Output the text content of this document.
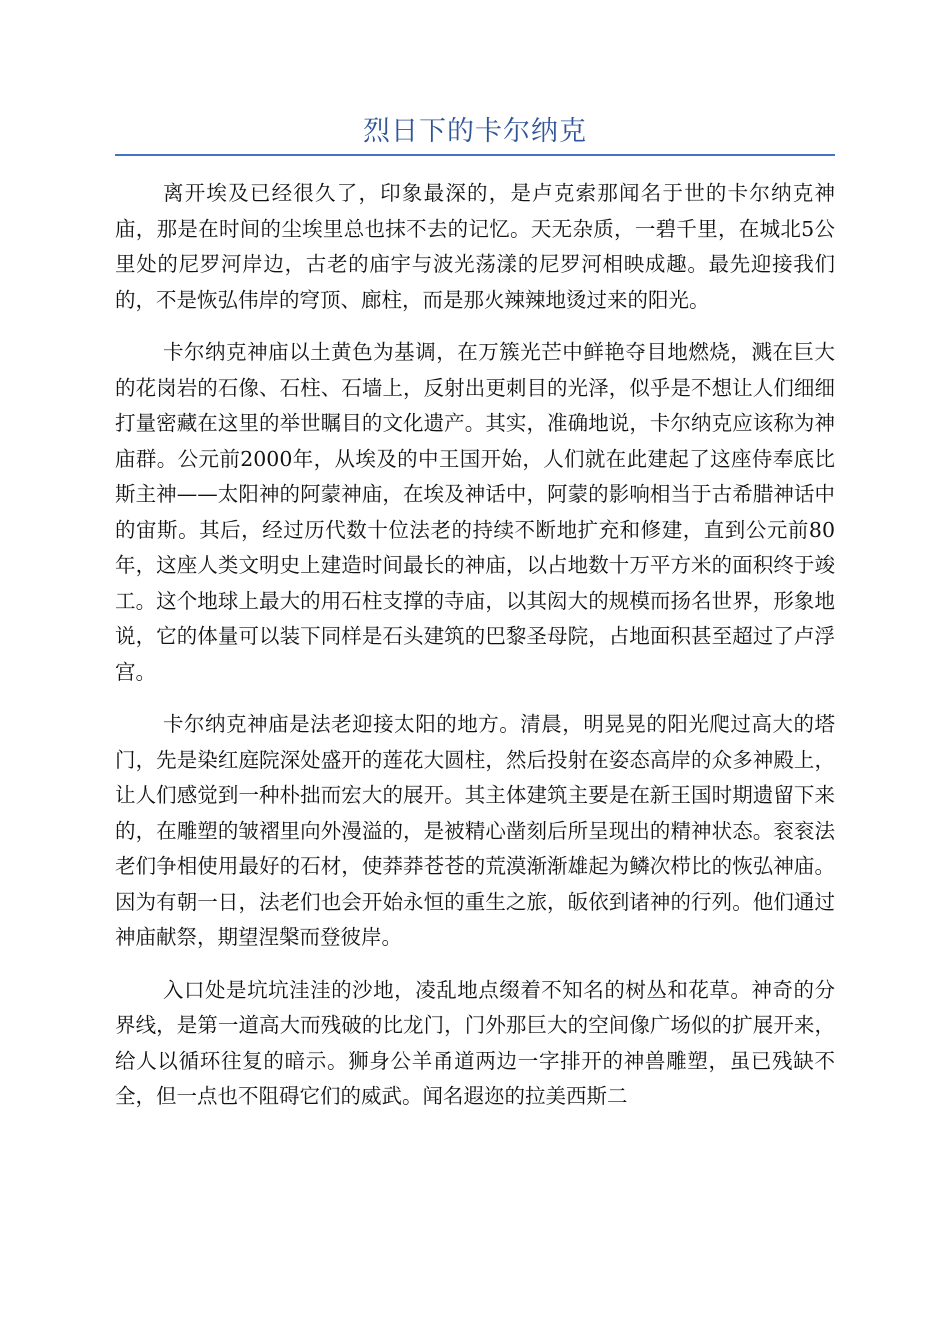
烈日下的卡尔纳克

离开埃及已经很久了，印象最深的，是卢克索那闻名于世的卡尔纳克神庙，那是在时间的尘埃里总也抹不去的记忆。天无杂质，一碧千里，在城北5公里处的尼罗河岸边，古老的庙宇与波光荡漾的尼罗河相映成趣。最先迎接我们的，不是恢弘伟岸的穹顶、廊柱，而是那火辣辣地烫过来的阳光。

卡尔纳克神庙以土黄色为基调，在万簇光芒中鲜艳夺目地燃烧，溅在巨大的花岗岩的石像、石柱、石墙上，反射出更刺目的光泽，似乎是不想让人们细细打量密藏在这里的举世瞩目的文化遗产。其实，准确地说，卡尔纳克应该称为神庙群。公元前2000年，从埃及的中王国开始，人们就在此建起了这座侍奉底比斯主神——太阳神的阿蒙神庙，在埃及神话中，阿蒙的影响相当于古希腊神话中的宙斯。其后，经过历代数十位法老的持续不断地扩充和修建，直到公元前80年，这座人类文明史上建造时间最长的神庙，以占地数十万平方米的面积终于竣工。这个地球上最大的用石柱支撑的寺庙，以其闳大的规模而扬名世界，形象地说，它的体量可以装下同样是石头建筑的巴黎圣母院，占地面积甚至超过了卢浮宫。

卡尔纳克神庙是法老迎接太阳的地方。清晨，明晃晃的阳光爬过高大的塔门，先是染红庭院深处盛开的莲花大圆柱，然后投射在姿态高岸的众多神殿上，让人们感觉到一种朴拙而宏大的展开。其主体建筑主要是在新王国时期遗留下来的，在雕塑的皱褶里向外漫溢的，是被精心凿刻后所呈现出的精神状态。衮衮法老们争相使用最好的石材，使莽莽苍苍的荒漠渐渐雄起为鳞次栉比的恢弘神庙。因为有朝一日，法老们也会开始永恒的重生之旅，皈依到诸神的行列。他们通过神庙献祭，期望涅槃而登彼岸。

入口处是坑坑洼洼的沙地，凌乱地点缀着不知名的树丛和花草。神奇的分界线，是第一道高大而残破的比龙门，门外那巨大的空间像广场似的扩展开来，给人以循环往复的暗示。狮身公羊甬道两边一字排开的神兽雕塑，虽已残缺不全，但一点也不阻碍它们的威武。闻名遐迩的拉美西斯二
